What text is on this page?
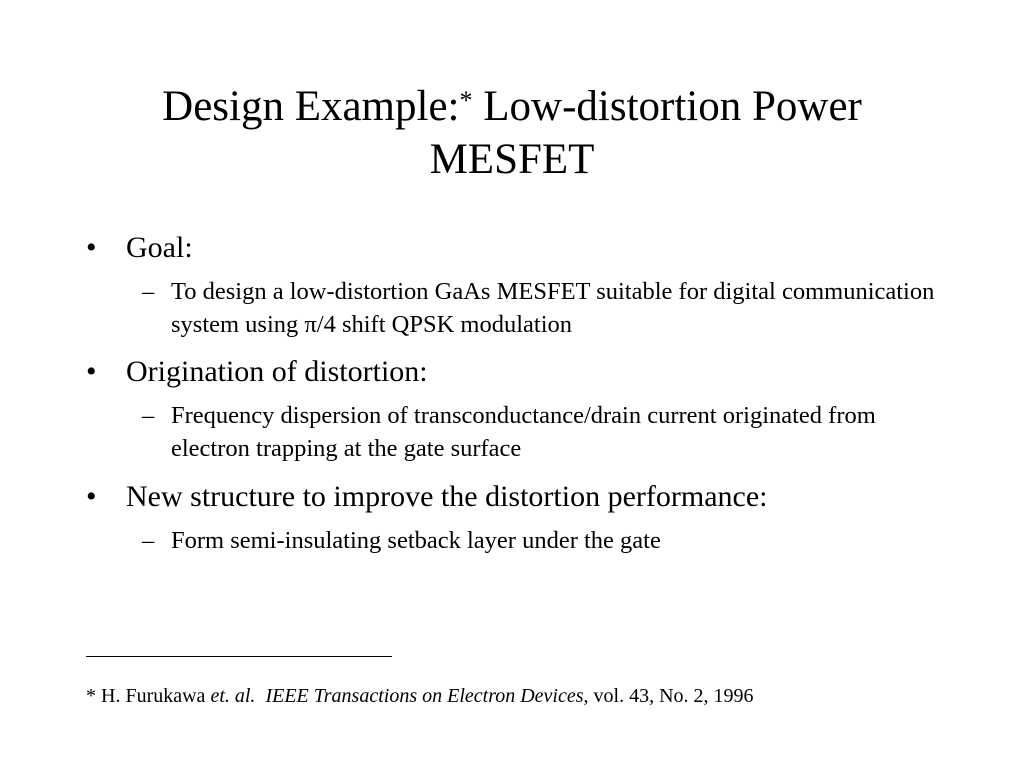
Design Example:* Low-distortion Power
MESFET
• Goal:
– To design a low-distortion GaAs MESFET suitable for digital communication system using π/4 shift QPSK modulation
• Origination of distortion:
– Frequency dispersion of transconductance/drain current originated from electron trapping at the gate surface
• New structure to improve the distortion performance:
– Form semi-insulating setback layer under the gate
* H. Furukawa et. al. IEEE Transactions on Electron Devices, vol. 43, No. 2, 1996
